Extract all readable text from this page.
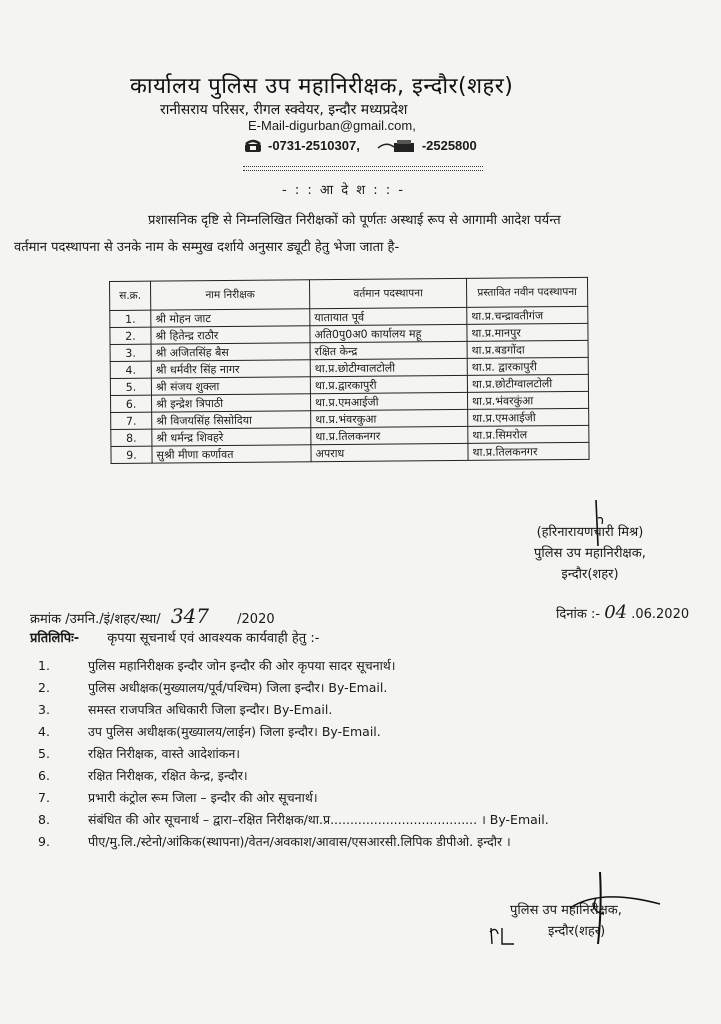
कार्यालय पुलिस उप महानिरीक्षक, इन्दौर(शहर)
रानीसराय परिसर, रीगल स्क्वेयर, इन्दौर मध्यप्रदेश
E-Mail-digurban@gmail.com,
-0731-2510307,	-2525800
- : : आ दे श : : -
प्रशासनिक दृष्टि से निम्नलिखित निरीक्षकों को पूर्णतः अस्थाई रूप से आगामी आदेश पर्यन्त
वर्तमान पदस्थापना से उनके नाम के सम्मुख दर्शाये अनुसार ड्यूटी हेतु भेजा जाता है-
स.क्र.	नाम निरीक्षक	वर्तमान पदस्थापना	प्रस्तावित नवीन पदस्थापना
1.	श्री मोहन जाट	यातायात पूर्व	था.प्र.चन्द्रावतीगंज
2.	श्री हितेन्द्र राठौर	अति0पु0अ0 कार्यालय महू	था.प्र.मानपुर
3.	श्री अजितसिंह बैस	रक्षित केन्द्र	था.प्र.बडगोंदा
4.	श्री धर्मवीर सिंह नागर	था.प्र.छोटीग्वालटोली	था.प्र. द्वारकापुरी
5.	श्री संजय शुक्ला	था.प्र.द्वारकापुरी	था.प्र.छोटीग्वालटोली
6.	श्री इन्द्रेश त्रिपाठी	था.प्र.एमआईजी	था.प्र.भंवरकुंआ
7.	श्री विजयसिंह सिसोदिया	था.प्र.भंवरकुआ	था.प्र.एमआईजी
8.	श्री धर्मन्द्र शिवहरे	था.प्र.तिलकनगर	था.प्र.सिमरोल
9.	सुश्री मीणा कर्णावत	अपराध	था.प्र.तिलकनगर
(हरिनारायणचारी मिश्र)
पुलिस उप महानिरीक्षक,
इन्दौर(शहर)
क्रमांक /उमनि./इं/शहर/स्था/ 347 /2020	दिनांक :- 04 .06.2020
प्रतिलिपिः- कृपया सूचनार्थ एवं आवश्यक कार्यवाही हेतु :-
1.	पुलिस महानिरीक्षक इन्दौर जोन इन्दौर की ओर कृपया सादर सूचनार्थ।
2.	पुलिस अधीक्षक(मुख्यालय/पूर्व/पश्चिम) जिला इन्दौर। By-Email.
3.	समस्त राजपत्रित अधिकारी जिला इन्दौर। By-Email.
4.	उप पुलिस अधीक्षक(मुख्यालय/लाईन) जिला इन्दौर। By-Email.
5.	रक्षित निरीक्षक, वास्ते आदेशांकन।
6.	रक्षित निरीक्षक, रक्षित केन्द्र, इन्दौर।
7.	प्रभारी कंट्रोल रूम जिला – इन्दौर की ओर सूचनार्थ।
8.	संबंधित की ओर सूचनार्थ – द्वारा–रक्षित निरीक्षक/था.प्र..................................... । By-Email.
9.	पीए/मु.लि./स्टेनो/आंकिक(स्थापना)/वेतन/अवकाश/आवास/एसआरसी.लिपिक डीपीओ. इन्दौर ।
पुलिस उप महानिरीक्षक,
इन्दौर(शहर)
